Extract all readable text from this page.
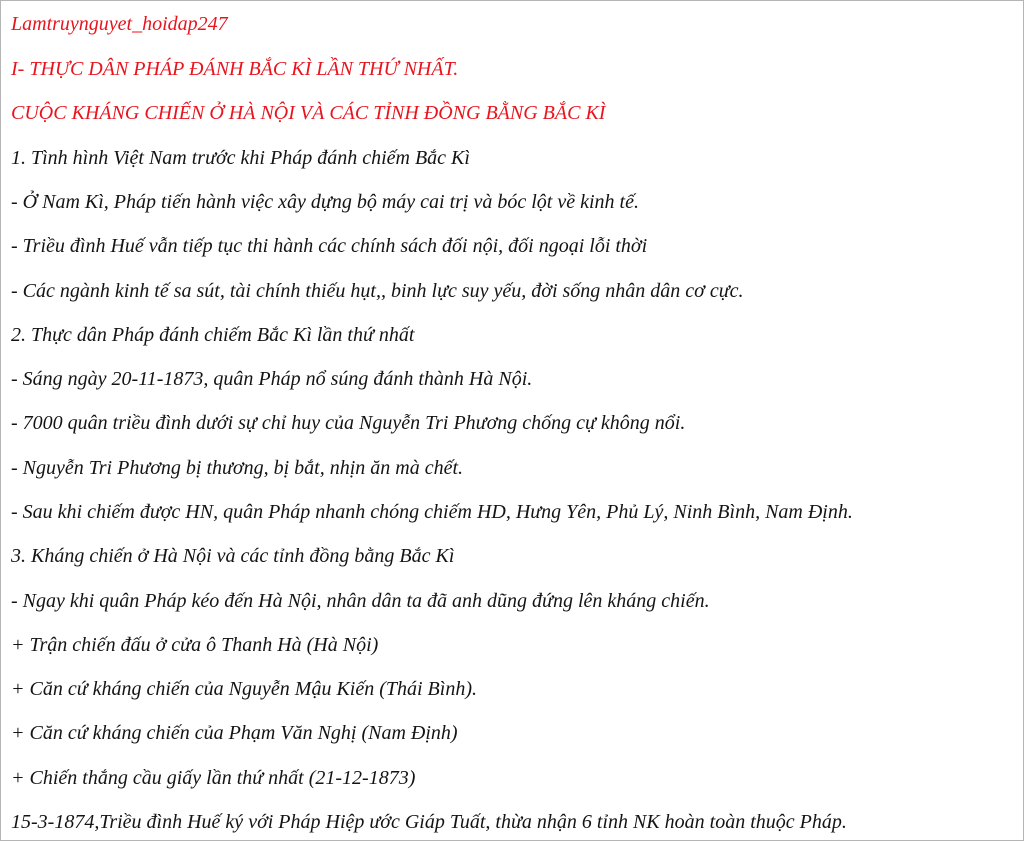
Lamtruynguyet_hoidap247
I- THỰC DÂN PHÁP ĐÁNH BẮC KÌ LẦN THỨ NHẤT.
CUỘC KHÁNG CHIẾN Ở HÀ NỘI VÀ CÁC TỈNH ĐỒNG BẰNG BẮC KÌ
1. Tình hình Việt Nam trước khi Pháp đánh chiếm Bắc Kì
- Ở Nam Kì, Pháp tiến hành việc xây dựng bộ máy cai trị và bóc lột về kinh tế.
- Triều đình Huế vẫn tiếp tục thi hành các chính sách đối nội, đối ngoại lỗi thời
- Các ngành kinh tế sa sút, tài chính thiếu hụt,, binh lực suy yếu, đời sống nhân dân cơ cực.
2. Thực dân Pháp đánh chiếm Bắc Kì lần thứ nhất
- Sáng ngày 20-11-1873, quân Pháp nổ súng đánh thành Hà Nội.
- 7000 quân triều đình dưới sự chỉ huy của Nguyễn Tri Phương chống cự không nổi.
- Nguyễn Tri Phương bị thương, bị bắt, nhịn ăn mà chết.
- Sau khi chiếm được HN, quân Pháp nhanh chóng chiếm HD, Hưng Yên, Phủ Lý, Ninh Bình, Nam Định.
3. Kháng chiến ở Hà Nội và các tỉnh đồng bằng Bắc Kì
- Ngay khi quân Pháp kéo đến Hà Nội, nhân dân ta đã anh dũng đứng lên kháng chiến.
+ Trận chiến đấu ở cửa ô Thanh Hà (Hà Nội)
+ Căn cứ kháng chiến của Nguyễn Mậu Kiến (Thái Bình).
+ Căn cứ kháng chiến của Phạm Văn Nghị (Nam Định)
+ Chiến thắng cầu giấy lần thứ nhất (21-12-1873)
15-3-1874,Triều đình Huế ký với Pháp Hiệp ước Giáp Tuất, thừa nhận 6 tỉnh NK hoàn toàn thuộc Pháp.
